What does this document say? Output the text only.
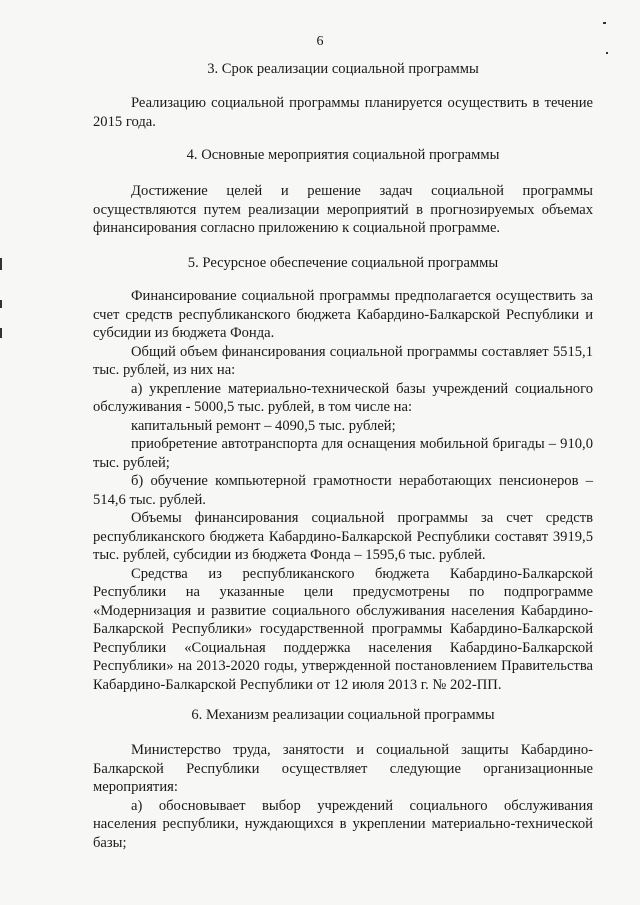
6
3. Срок реализации социальной программы

Реализацию социальной программы планируется осуществить в течение 2015 года.

4. Основные мероприятия социальной программы

Достижение целей и решение задач социальной программы осуществляются путем реализации мероприятий в прогнозируемых объемах финансирования согласно приложению к социальной программе.

5. Ресурсное обеспечение социальной программы

Финансирование социальной программы предполагается осуществить за счет средств республиканского бюджета Кабардино-Балкарской Республики и субсидии из бюджета Фонда.

Общий объем финансирования социальной программы составляет 5515,1 тыс. рублей, из них на:

а) укрепление материально-технической базы учреждений социального обслуживания - 5000,5 тыс. рублей, в том числе на:

капитальный ремонт – 4090,5 тыс. рублей;

приобретение автотранспорта для оснащения мобильной бригады – 910,0 тыс. рублей;

б) обучение компьютерной грамотности неработающих пенсионеров – 514,6 тыс. рублей.

Объемы финансирования социальной программы за счет средств республиканского бюджета Кабардино-Балкарской Республики составят 3919,5 тыс. рублей, субсидии из бюджета Фонда – 1595,6 тыс. рублей.

Средства из республиканского бюджета Кабардино-Балкарской Республики на указанные цели предусмотрены по подпрограмме «Модернизация и развитие социального обслуживания населения Кабардино-Балкарской Республики» государственной программы Кабардино-Балкарской Республики «Социальная поддержка населения Кабардино-Балкарской Республики» на 2013-2020 годы, утвержденной постановлением Правительства Кабардино-Балкарской Республики от 12 июля 2013 г. № 202-ПП.

6. Механизм реализации социальной программы

Министерство труда, занятости и социальной защиты Кабардино-Балкарской Республики осуществляет следующие организационные мероприятия:

а) обосновывает выбор учреждений социального обслуживания населения республики, нуждающихся в укреплении материально-технической базы;
